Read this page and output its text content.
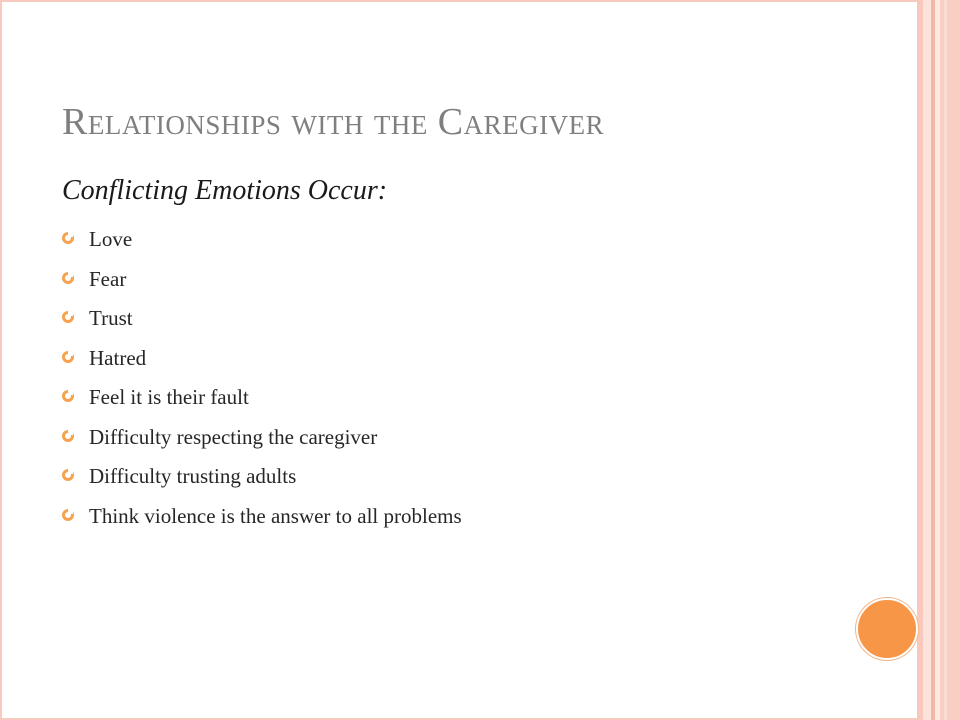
Relationships with the Caregiver

Conflicting Emotions Occur:

Love
Fear
Trust
Hatred
Feel it is their fault
Difficulty respecting the caregiver
Difficulty trusting adults
Think violence is the answer to all problems
